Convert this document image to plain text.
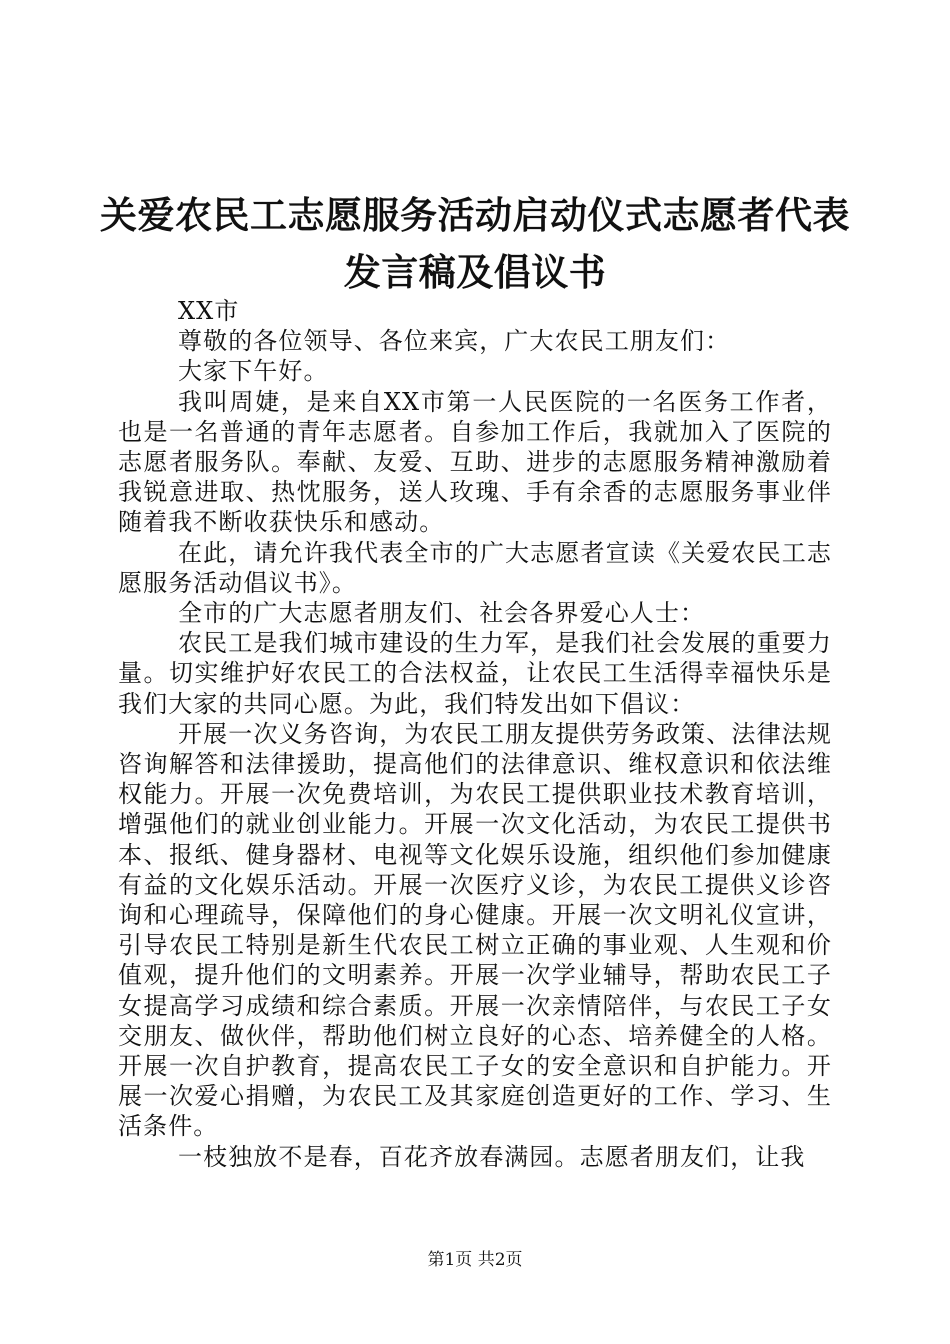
关爱农民工志愿服务活动启动仪式志愿者代表
发言稿及倡议书

XX市

尊敬的各位领导、各位来宾，广大农民工朋友们：

大家下午好。

我叫周婕，是来自XX市第一人民医院的一名医务工作者，也是一名普通的青年志愿者。自参加工作后，我就加入了医院的志愿者服务队。奉献、友爱、互助、进步的志愿服务精神激励着我锐意进取、热忱服务，送人玫瑰、手有余香的志愿服务事业伴随着我不断收获快乐和感动。

在此，请允许我代表全市的广大志愿者宣读《关爱农民工志愿服务活动倡议书》。

全市的广大志愿者朋友们、社会各界爱心人士：

农民工是我们城市建设的生力军，是我们社会发展的重要力量。切实维护好农民工的合法权益，让农民工生活得幸福快乐是我们大家的共同心愿。为此，我们特发出如下倡议：

开展一次义务咨询，为农民工朋友提供劳务政策、法律法规咨询解答和法律援助，提高他们的法律意识、维权意识和依法维权能力。开展一次免费培训，为农民工提供职业技术教育培训，增强他们的就业创业能力。开展一次文化活动，为农民工提供书本、报纸、健身器材、电视等文化娱乐设施，组织他们参加健康有益的文化娱乐活动。开展一次医疗义诊，为农民工提供义诊咨询和心理疏导，保障他们的身心健康。开展一次文明礼仪宣讲，引导农民工特别是新生代农民工树立正确的事业观、人生观和价值观，提升他们的文明素养。开展一次学业辅导，帮助农民工子女提高学习成绩和综合素质。开展一次亲情陪伴，与农民工子女交朋友、做伙伴，帮助他们树立良好的心态、培养健全的人格。开展一次自护教育，提高农民工子女的安全意识和自护能力。开展一次爱心捐赠，为农民工及其家庭创造更好的工作、学习、生活条件。

一枝独放不是春，百花齐放春满园。志愿者朋友们，让我

第1页 共2页
